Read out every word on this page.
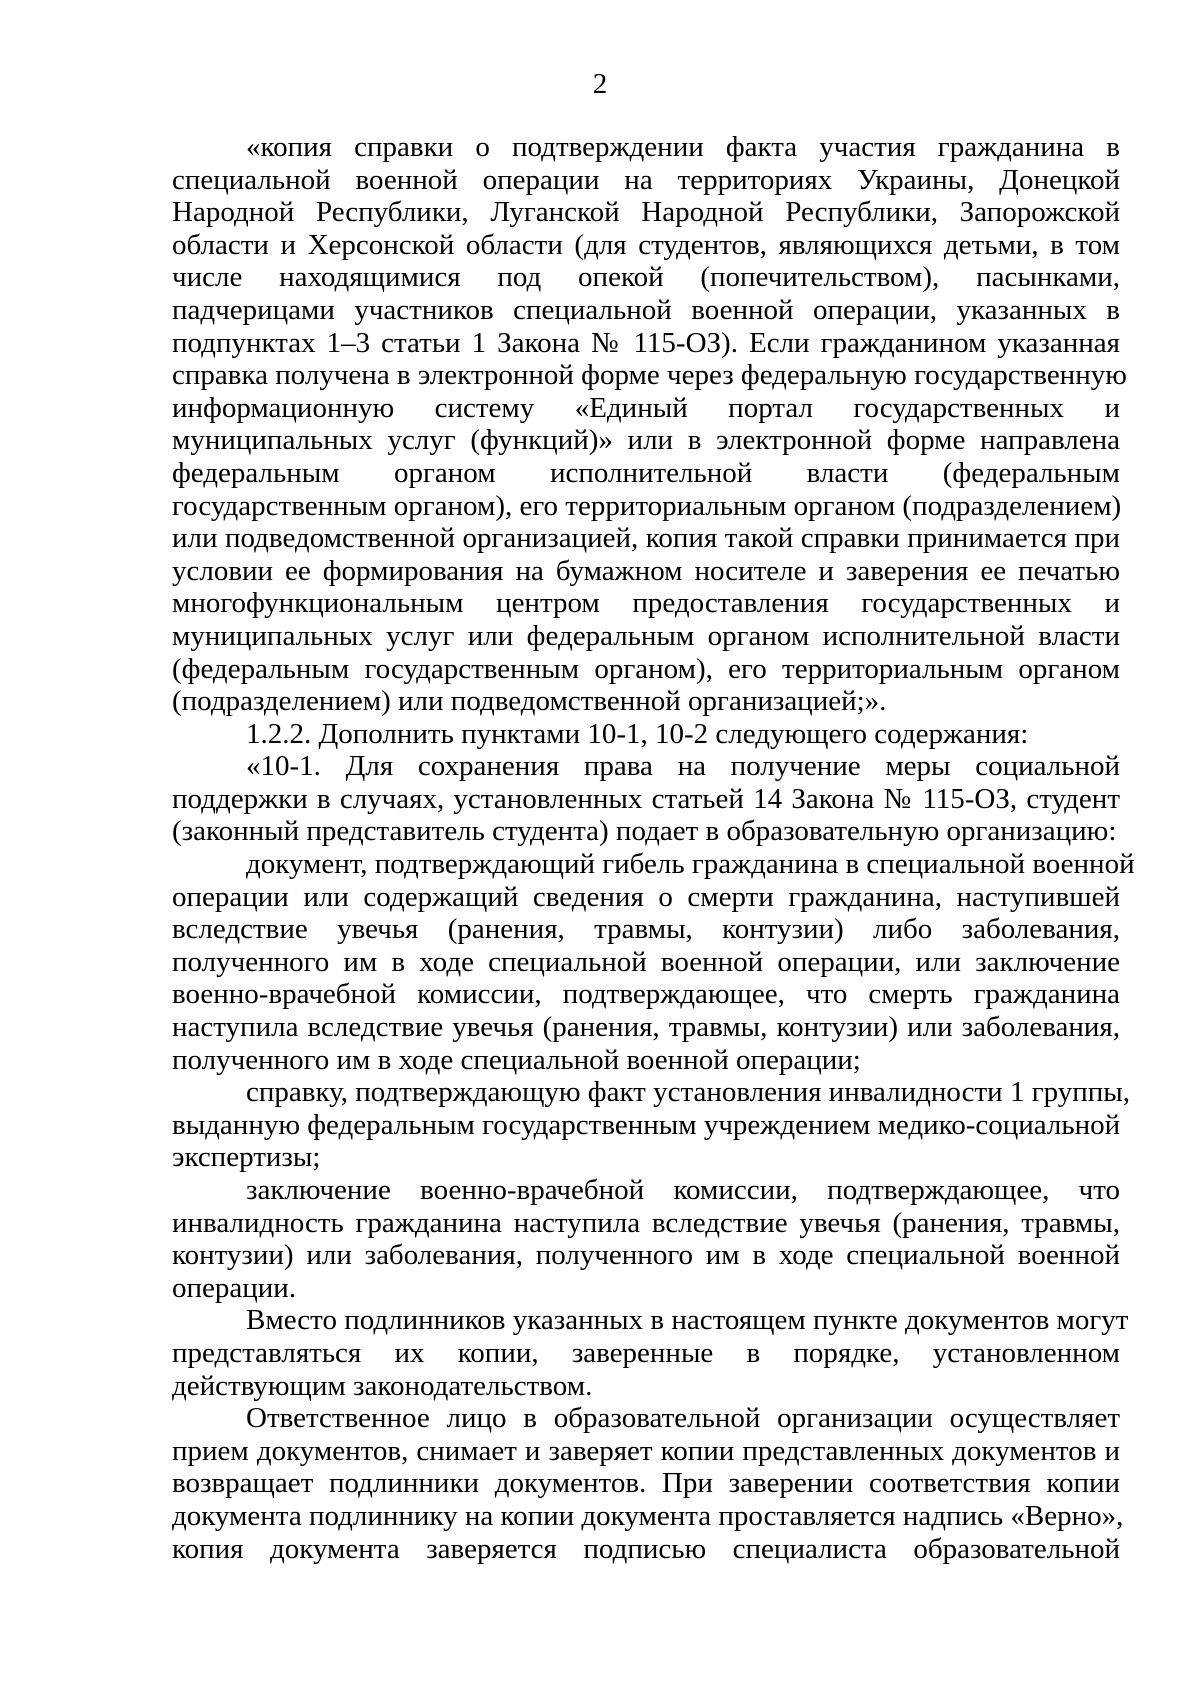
2
«копия справки о подтверждении факта участия гражданина в
специальной военной операции на территориях Украины, Донецкой
Народной Республики, Луганской Народной Республики, Запорожской
области и Херсонской области (для студентов, являющихся детьми, в том
числе находящимися под опекой (попечительством), пасынками,
падчерицами участников специальной военной операции, указанных в
подпунктах 1–3 статьи 1 Закона № 115-ОЗ). Если гражданином указанная
справка получена в электронной форме через федеральную государственную
информационную систему «Единый портал государственных и
муниципальных услуг (функций)» или в электронной форме направлена
федеральным органом исполнительной власти (федеральным
государственным органом), его территориальным органом (подразделением)
или подведомственной организацией, копия такой справки принимается при
условии ее формирования на бумажном носителе и заверения ее печатью
многофункциональным центром предоставления государственных и
муниципальных услуг или федеральным органом исполнительной власти
(федеральным государственным органом), его территориальным органом
(подразделением) или подведомственной организацией;».
1.2.2. Дополнить пунктами 10-1, 10-2 следующего содержания:
«10-1. Для сохранения права на получение меры социальной
поддержки в случаях, установленных статьей 14 Закона № 115-ОЗ, студент
(законный представитель студента) подает в образовательную организацию:
документ, подтверждающий гибель гражданина в специальной военной
операции или содержащий сведения о смерти гражданина, наступившей
вследствие увечья (ранения, травмы, контузии) либо заболевания,
полученного им в ходе специальной военной операции, или заключение
военно-врачебной комиссии, подтверждающее, что смерть гражданина
наступила вследствие увечья (ранения, травмы, контузии) или заболевания,
полученного им в ходе специальной военной операции;
справку, подтверждающую факт установления инвалидности 1 группы,
выданную федеральным государственным учреждением медико-социальной
экспертизы;
заключение военно-врачебной комиссии, подтверждающее, что
инвалидность гражданина наступила вследствие увечья (ранения, травмы,
контузии) или заболевания, полученного им в ходе специальной военной
операции.
Вместо подлинников указанных в настоящем пункте документов могут
представляться их копии, заверенные в порядке, установленном
действующим законодательством.
Ответственное лицо в образовательной организации осуществляет
прием документов, снимает и заверяет копии представленных документов и
возвращает подлинники документов. При заверении соответствия копии
документа подлиннику на копии документа проставляется надпись «Верно»,
копия документа заверяется подписью специалиста образовательной
